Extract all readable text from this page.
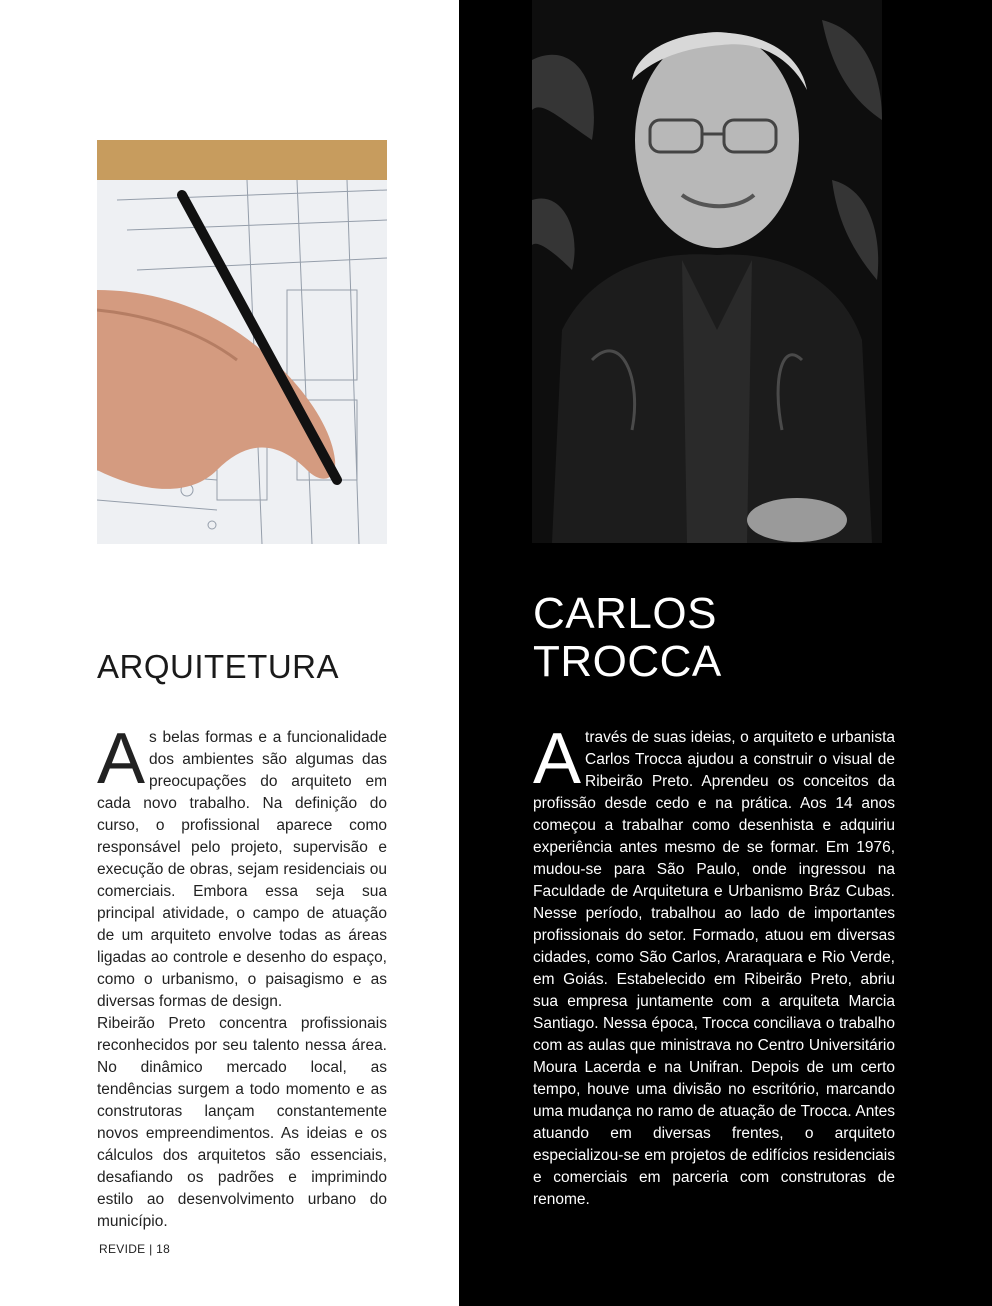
ARQUITETURA
CARLOS
TROCCA

As belas formas e a funcionalidade dos ambientes são algumas das preocupações do arquiteto em cada novo trabalho. Na definição do curso, o profissional aparece como responsável pelo projeto, supervisão e execução de obras, sejam residenciais ou comerciais. Embora essa seja sua principal atividade, o campo de atuação de um arquiteto envolve todas as áreas ligadas ao controle e desenho do espaço, como o urbanismo, o paisagismo e as diversas formas de design.

Ribeirão Preto concentra profissionais reconhecidos por seu talento nessa área. No dinâmico mercado local, as tendências surgem a todo momento e as construtoras lançam constantemente novos empreendimentos. As ideias e os cálculos dos arquitetos são essenciais, desafiando os padrões e imprimindo estilo ao desenvolvimento urbano do município.

Através de suas ideias, o arquiteto e urbanista Carlos Trocca ajudou a construir o visual de Ribeirão Preto. Aprendeu os conceitos da profissão desde cedo e na prática. Aos 14 anos começou a trabalhar como desenhista e adquiriu experiência antes mesmo de se formar. Em 1976, mudou-se para São Paulo, onde ingressou na Faculdade de Arquitetura e Urbanismo Bráz Cubas. Nesse período, trabalhou ao lado de importantes profissionais do setor. Formado, atuou em diversas cidades, como São Carlos, Araraquara e Rio Verde, em Goiás. Estabelecido em Ribeirão Preto, abriu sua empresa juntamente com a arquiteta Marcia Santiago. Nessa época, Trocca conciliava o trabalho com as aulas que ministrava no Centro Universitário Moura Lacerda e na Unifran. Depois de um certo tempo, houve uma divisão no escritório, marcando uma mudança no ramo de atuação de Trocca. Antes atuando em diversas frentes, o arquiteto especializou-se em projetos de edifícios residenciais e comerciais em parceria com construtoras de renome.

REVIDE | 18
